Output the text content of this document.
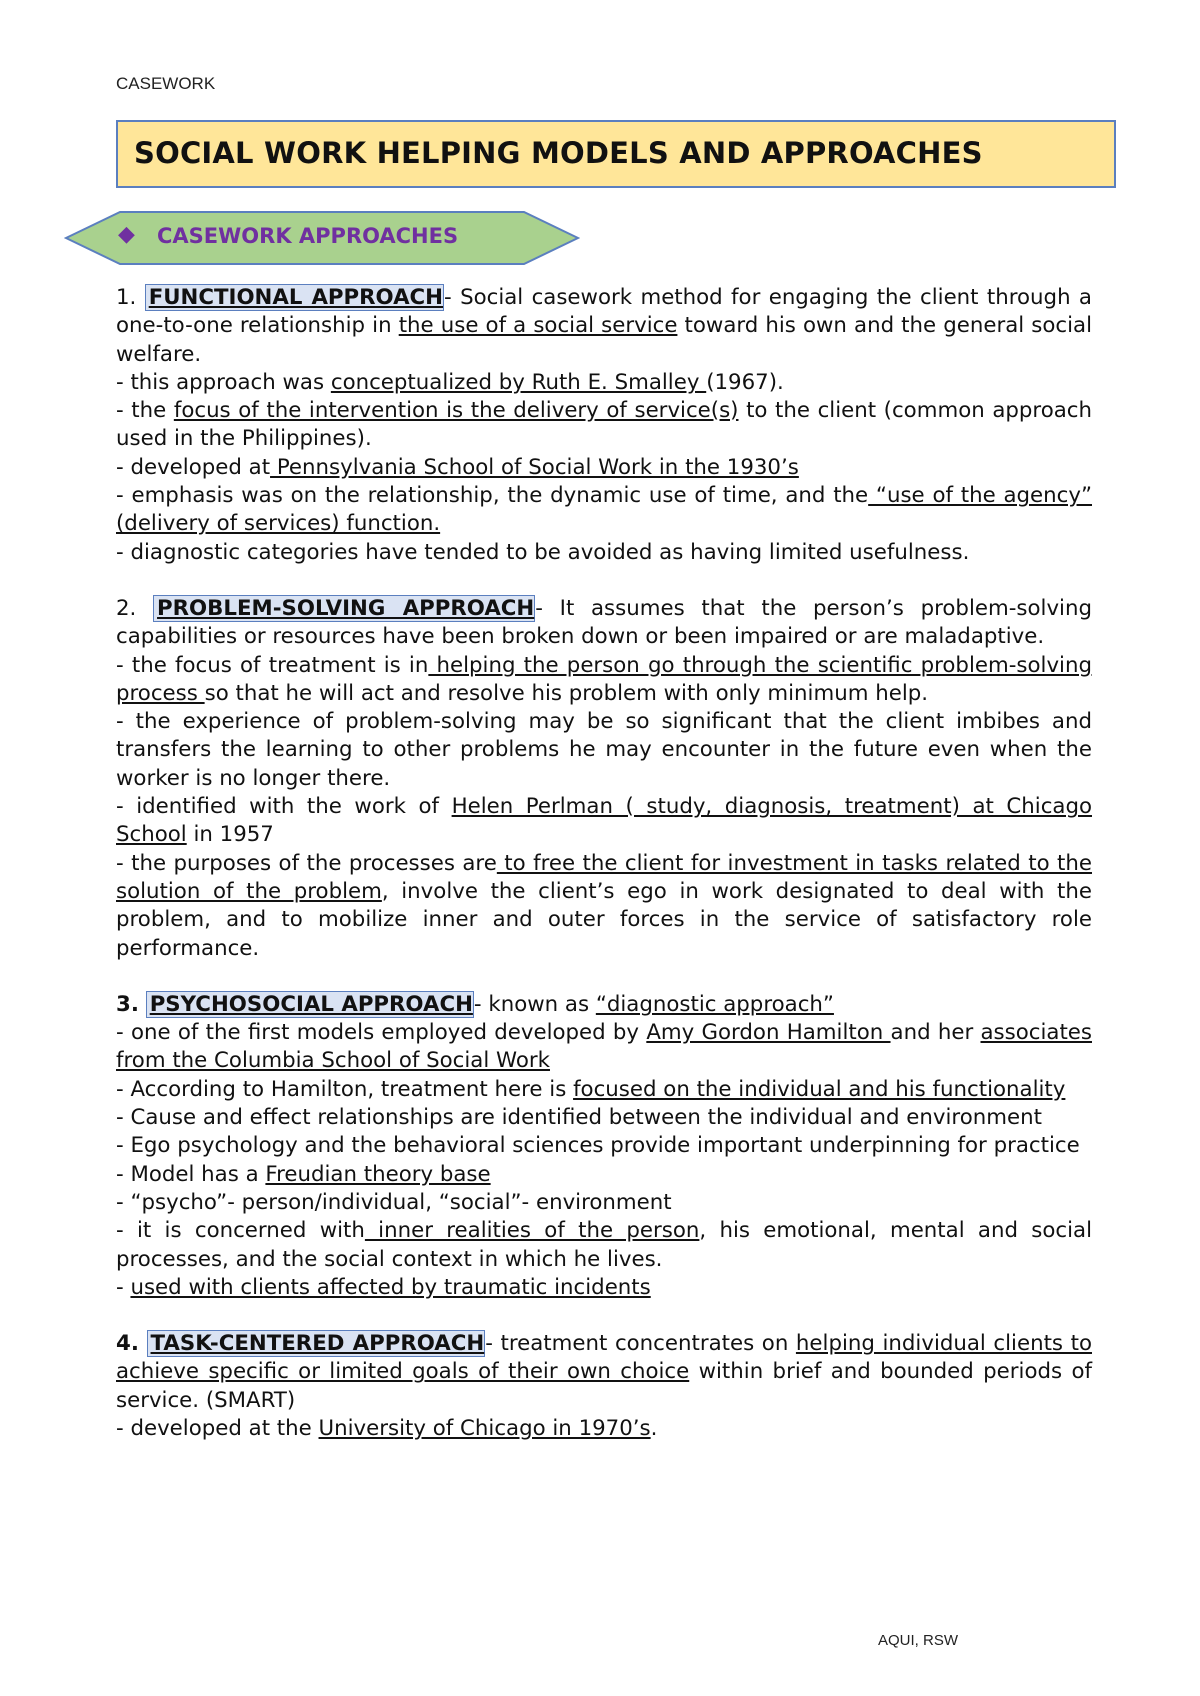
CASEWORK
SOCIAL WORK HELPING MODELS AND APPROACHES
◆ CASEWORK APPROACHES

1. FUNCTIONAL APPROACH- Social casework method for engaging the client through a one-to-one relationship in the use of a social service toward his own and the general social welfare.

- this approach was conceptualized by Ruth E. Smalley (1967).

- the focus of the intervention is the delivery of service(s) to the client (common approach used in the Philippines).

- developed at Pennsylvania School of Social Work in the 1930’s

- emphasis was on the relationship, the dynamic use of time, and the “use of the agency” (delivery of services) function.

- diagnostic categories have tended to be avoided as having limited usefulness.

2. PROBLEM-SOLVING APPROACH- It assumes that the person’s problem-solving capabilities or resources have been broken down or been impaired or are maladaptive.

- the focus of treatment is in helping the person go through the scientific problem-solving process so that he will act and resolve his problem with only minimum help.

- the experience of problem-solving may be so significant that the client imbibes and transfers the learning to other problems he may encounter in the future even when the worker is no longer there.

- identified with the work of Helen Perlman ( study, diagnosis, treatment) at Chicago School in 1957

- the purposes of the processes are to free the client for investment in tasks related to the solution of the problem, involve the client’s ego in work designated to deal with the problem, and to mobilize inner and outer forces in the service of satisfactory role performance.

3. PSYCHOSOCIAL APPROACH- known as “diagnostic approach”

- one of the first models employed developed by Amy Gordon Hamilton and her associates from the Columbia School of Social Work

- According to Hamilton, treatment here is focused on the individual and his functionality

- Cause and effect relationships are identified between the individual and environment

- Ego psychology and the behavioral sciences provide important underpinning for practice

- Model has a Freudian theory base

- “psycho”- person/individual, “social”- environment

- it is concerned with inner realities of the person, his emotional, mental and social processes, and the social context in which he lives.

- used with clients affected by traumatic incidents

4. TASK-CENTERED APPROACH- treatment concentrates on helping individual clients to achieve specific or limited goals of their own choice within brief and bounded periods of service. (SMART)

- developed at the University of Chicago in 1970’s.

AQUI, RSW
